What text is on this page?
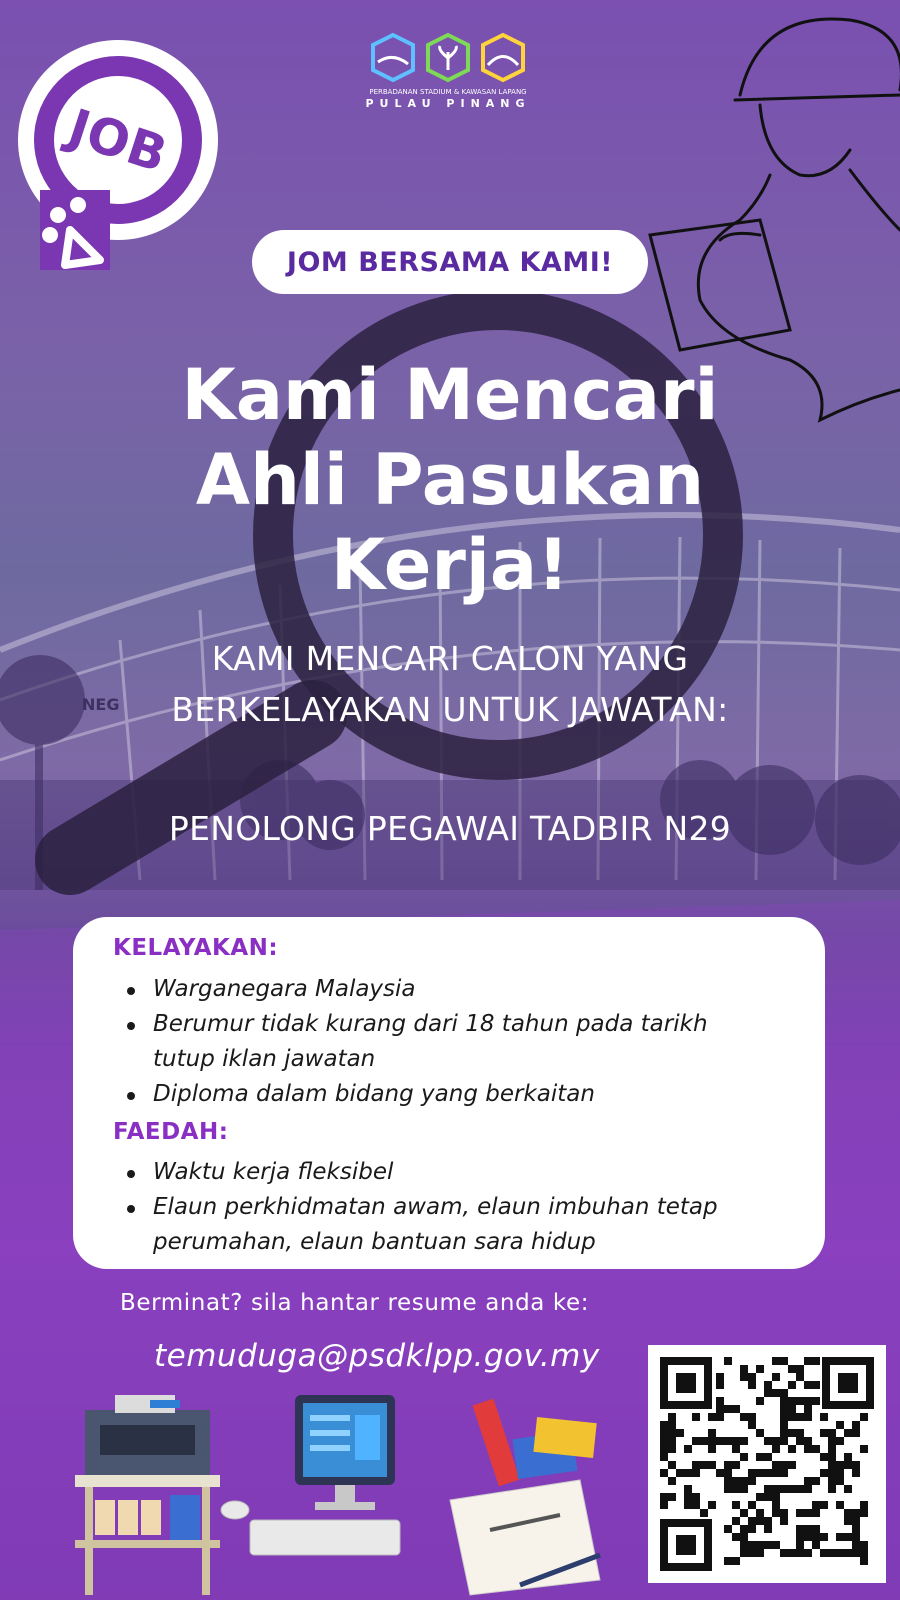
PERBADANAN STADIUM & KAWASAN LAPANG
PULAU PINANG
JOB
JOM BERSAMA KAMI!
Kami Mencari
Ahli Pasukan
Kerja!
KAMI MENCARI CALON YANG
BERKELAYAKAN UNTUK JAWATAN:
PENOLONG PEGAWAI TADBIR N29
NEG
KELAYAKAN:
Warganegara Malaysia
Berumur tidak kurang dari 18 tahun pada tarikh tutup iklan jawatan
Diploma dalam bidang yang berkaitan
FAEDAH:
Waktu kerja fleksibel
Elaun perkhidmatan awam, elaun imbuhan tetap perumahan, elaun bantuan sara hidup
Berminat? sila hantar resume anda ke:
temuduga@psdklpp.gov.my
